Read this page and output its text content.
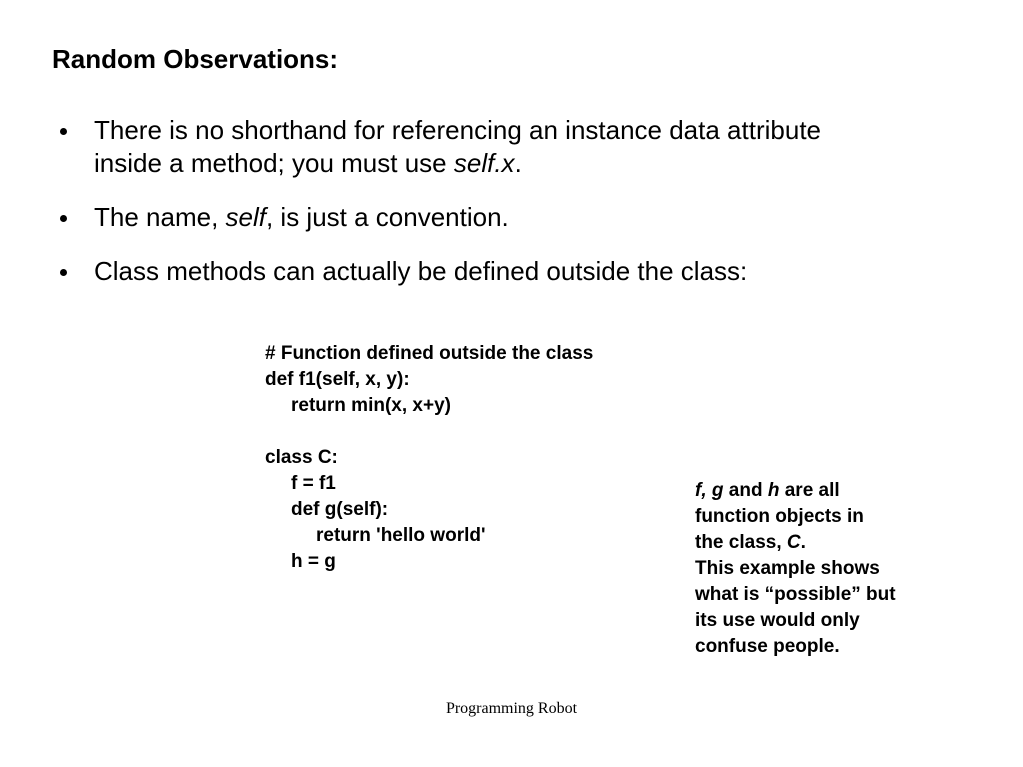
Random Observations:
There is no shorthand for referencing an instance data attribute
inside a method; you must use self.x.
The name, self, is just a convention.
Class methods can actually be defined outside the class:
# Function defined outside the class
def f1(self, x, y):
return min(x, x+y)
class C:
f = f1
def g(self):
return 'hello world'
h = g
f, g and h are all
function objects in
the class, C.
This example shows
what is “possible” but
its use would only
confuse people.
Programming Robot
